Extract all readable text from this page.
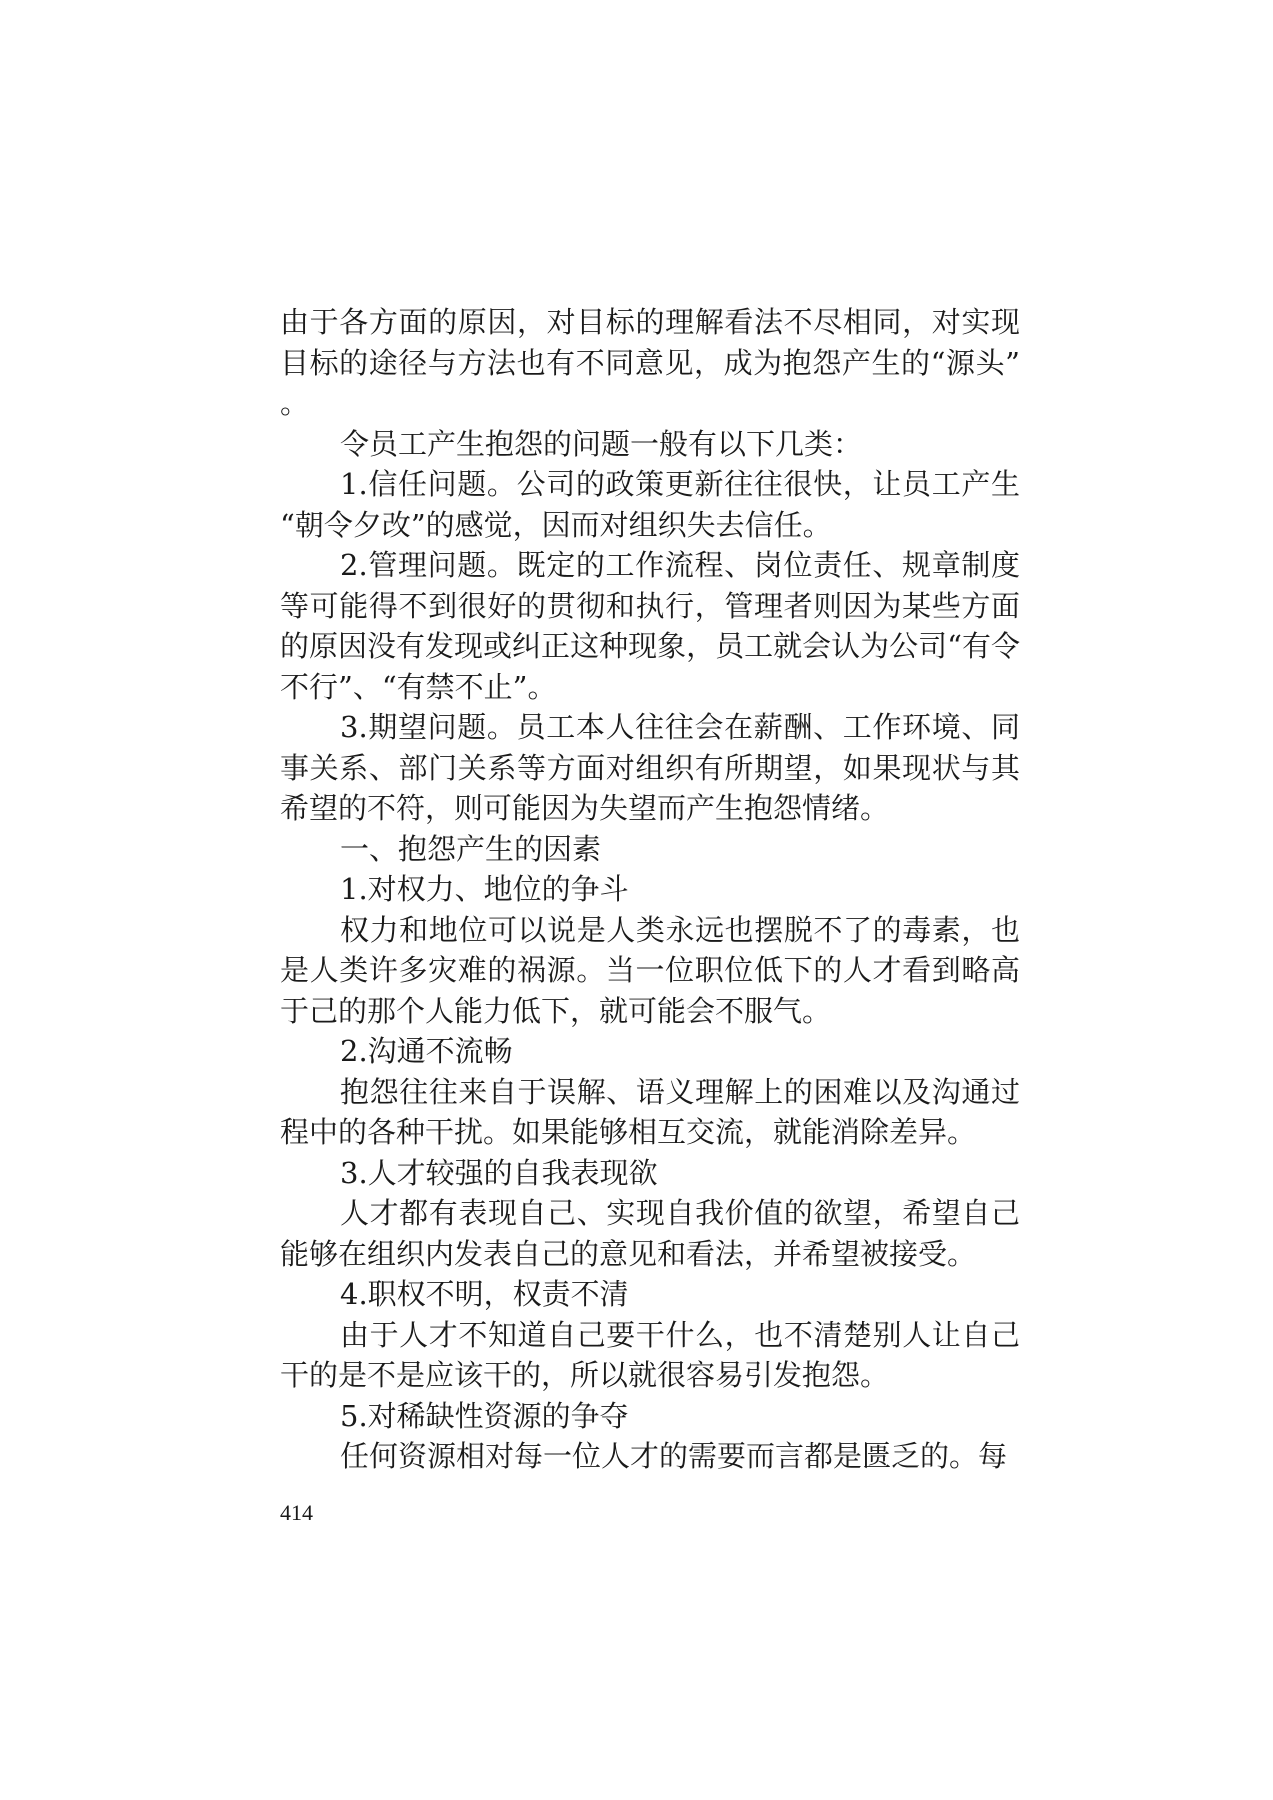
由于各方面的原因，对目标的理解看法不尽相同，对实现目标的途径与方法也有不同意见，成为抱怨产生的“源头”。

令员工产生抱怨的问题一般有以下几类：

1.信任问题。公司的政策更新往往很快，让员工产生“朝令夕改”的感觉，因而对组织失去信任。

2.管理问题。既定的工作流程、岗位责任、规章制度等可能得不到很好的贯彻和执行，管理者则因为某些方面的原因没有发现或纠正这种现象，员工就会认为公司“有令不行”、“有禁不止”。

3.期望问题。员工本人往往会在薪酬、工作环境、同事关系、部门关系等方面对组织有所期望，如果现状与其希望的不符，则可能因为失望而产生抱怨情绪。

一、抱怨产生的因素

1.对权力、地位的争斗

权力和地位可以说是人类永远也摆脱不了的毒素，也是人类许多灾难的祸源。当一位职位低下的人才看到略高于己的那个人能力低下，就可能会不服气。

2.沟通不流畅

抱怨往往来自于误解、语义理解上的困难以及沟通过程中的各种干扰。如果能够相互交流，就能消除差异。

3.人才较强的自我表现欲

人才都有表现自己、实现自我价值的欲望，希望自己能够在组织内发表自己的意见和看法，并希望被接受。

4.职权不明，权责不清

由于人才不知道自己要干什么，也不清楚别人让自己干的是不是应该干的，所以就很容易引发抱怨。

5.对稀缺性资源的争夺

任何资源相对每一位人才的需要而言都是匮乏的。每

414
